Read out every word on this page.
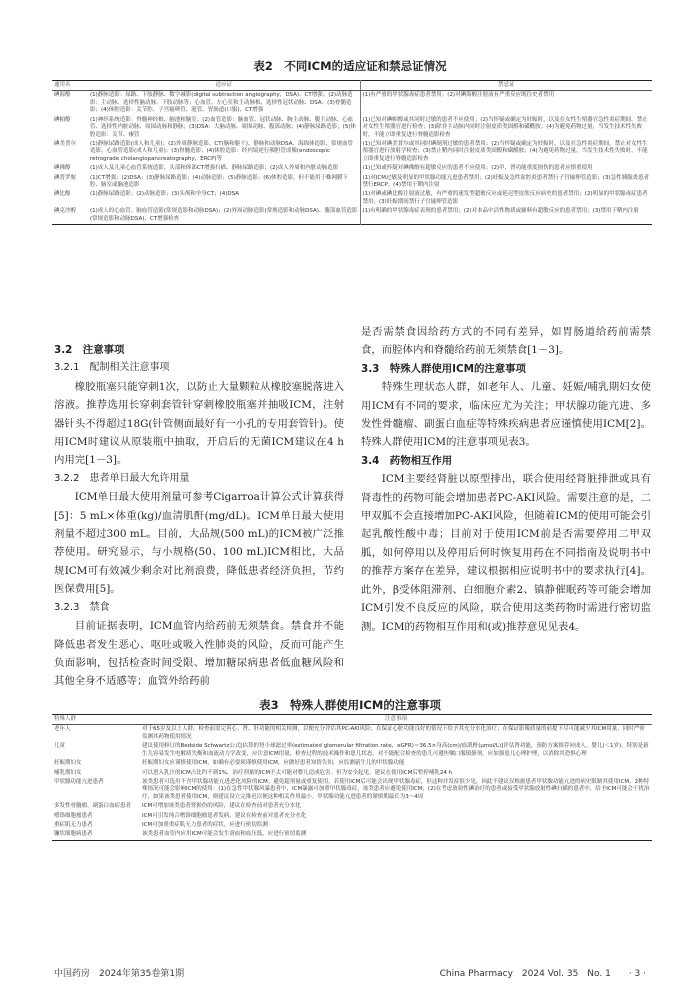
表2　不同ICM的适应证和禁忌证情况
通用名	适应证	禁忌证
碘海醇	(1)静脉造影：尿路、下肢静脉、数字减影(digital subtraction angiography，DSA)、CT增强；(2)动脉造影：主动脉、选择性脑动脉、下肢动脉等；心血管、左心室和主动脉根、选择性冠状动脉、DSA；(3)脊髓造影；(4)体腔造影：关节腔、子宫输卵管、涎管、胃肠道(口服)、CT增强	(1)有严重的甲状腺毒症患者禁用；(2)对碘海醇注射液有严重反应既往史者禁用
碘帕醇	(1)神经系统造影：脊髓神经根、脑池和脑室；(2)血管造影：脑血管、冠状动脉、胸主动脉、腹主动脉、心血管、选择性内脏动脉、周围动脉和静脉；(3)DSA：大脑动脉、周围动脉、腹部动脉；(4)静脉尿路造影；(5)体腔造影：关节、瘘管	(1)已知对碘帕醇或其同时过敏的患者不应使用；(2)当怀疑或确定为妊娠时，以及在女性生殖器官急性炎症期间，禁止对女性生殖器官进行检查；(3)除非主动脉内同时注射皮质类固醇和磺酰胺；(4)为避免药物过量，当发生技术性失败时，不能立即重复进行脊髓造影检查
碘美普尔	(1)静脉尿路造影(成人和儿童)；(2)外周静脉造影、CT(脑和躯干)、静脉和动脉DSA、海绵体造影、常规血管造影、心血管造影(成人和儿童)；(3)脊髓造影；(4)体腔造影：经内镜逆行胰胆管成像(endoscopic retrograde cholangiopancreatography，ERCP)等	(1)已知对碘美普尔或其同时碘制剂过敏的患者禁用；(2)当怀疑或确定为妊娠时，以及在急性炎症期间，禁止对女性生殖器官进行放射学检查；(3)禁止鞘内同时注射皮质类固醇和磺酰胺；(4)为避免药物过量，当发生技术性失败时，不能立即重复进行脊髓造影检查
碘佛醇	(1)成人及儿童心血管系统造影、头部和体部CT增强扫描、静脉尿路造影；(2)成人外周和内脏动脉造影	(1)已知或怀疑对碘佛醇有超敏反应的患者不应使用；(2)甲、肾功能重度损伤的患者应慎重使用
碘普罗胺	(1)CT增强；(2)DSA；(3)静脉尿路造影；(4)动脉造影；(5)静脉造影；(6)体腔造影，但不能用于蛛网膜下腔、脑室或脑池造影	(1)对ICM过敏及明显的甲状腺功能亢进患者禁用；(2)妊娠及急性盆腔炎患者禁行子宫输卵管造影；(3)急性胰腺炎患者禁行ERCP；(4)禁用于鞘内注射
碘比醇	(1)静脉尿路造影；(2)动脉造影；(3)头颅和全身CT；(4)DSA	(1)对碘或碘比醇注射液过敏，有严重的速发型超敏反应或延迟型皮肤反应病史的患者禁用；(2)明显的甲状腺毒症患者禁用；(3)妊娠期间禁行子宫输卵管造影
碘克沙醇	(1)成人的心血管、脑血管造影(常规造影和动脉DSA)；(2)外周动脉造影(常规造影和动脉DSA)、腹部血管造影(常规造影和动脉DSA)、CT增强检查	(1)有明确的甲状腺毒症表现的患者禁用；(2)对本品中活性物质或辅料有超敏反应的患者禁用；(3)禁用于鞘内注射
3.2　注意事项
3.2.1　配制相关注意事项

橡胶瓶塞只能穿刺1次，以防止大量颗粒从橡胶塞脱落进入溶液。推荐选用长穿刺套管针穿刺橡胶瓶塞并抽吸ICM，注射器针头不得超过18G(针管侧面最好有一小孔的专用套管针)。使用ICM时建议从原装瓶中抽取，开启后的无菌ICM建议在4 h内用完[1－3]。

3.2.2　患者单日最大允许用量

ICM单日最大使用剂量可参考Cigarroa计算公式计算获得[5]：5 mL×体重(kg)/血清肌酐(mg/dL)。ICM单日最大使用剂量不超过300 mL。目前，大品规(500 mL)的ICM被广泛推荐使用。研究显示，与小规格(50、100 mL)ICM相比，大品规ICM可有效减少剩余对比剂浪费，降低患者经济负担，节约医保费用[5]。

3.2.3　禁食

目前证据表明，ICM血管内给药前无须禁食。禁食并不能降低患者发生恶心、呕吐或吸入性肺炎的风险，反而可能产生负面影响，包括检查时间受限、增加糖尿病患者低血糖风险和其他全身不适感等；血管外给药前

是否需禁食因给药方式的不同有差异，如胃肠道给药前需禁食，而腔体内和脊髓给药前无须禁食[1－3]。

3.3　特殊人群使用ICM的注意事项

特殊生理状态人群，如老年人、儿童、妊娠/哺乳期妇女使用ICM有不同的要求，临床应尤为关注；甲状腺功能亢进、多发性骨髓瘤、副蛋白血症等特殊疾病患者应谨慎使用ICM[2]。特殊人群使用ICM的注意事项见表3。

3.4　药物相互作用

ICM主要经肾脏以原型排出，联合使用经肾脏排泄或具有肾毒性的药物可能会增加患者PC-AKI风险。需要注意的是，二甲双胍不会直接增加PC-AKI风险，但随着ICM的使用可能会引起乳酸性酸中毒；目前对于使用ICM前是否需要停用二甲双胍，如何停用以及停用后何时恢复用药在不同指南及说明书中的推荐方案存在差异，建议根据相应说明书中的要求执行[4]。此外，β受体阻滞剂、白细胞介素2、镇静催眠药等可能会增加ICM引发不良反应的风险，联合使用这类药物时需进行密切监测。ICM的药物相互作用和(或)推荐意见见表4。

表3　特殊人群使用ICM的注意事项
特殊人群	注意事项
老年人	对于65岁及以上人群，检查前需完善心、肾、肝功能的相关检测，以便充分评估其PC-AKI风险；在保证心脏功能良好的情况下给予其充分水化治疗；在保证影像质量的前提下尽可能减少其ICM用量，同时严密监测其药物使用情况
儿童	建议使用修订的Bedside Schwartz公式[估算的肾小球滤过率(estimated glomerular filtration rate，eGFR)＝36.5×身高(cm)/血肌酐(μmol/L)]评估肾功能，预防方案推荐同成人。婴儿(＜1岁)，特别是新生儿容易发生电解质失衡和血流动力学改变，应注意ICM用量，检查过程的技术操作和患儿状态，对不能配合检查的患儿可遵医嘱口服镇静剂。应加强患儿心理护理，以消除其恐惧心理
妊娠期妇女	妊娠期妇女应谨慎使用ICM，如确有必要须谨慎使用ICM，应做好患者知情告知，应监测新生儿的甲状腺功能
哺乳期妇女	可以进入乳汁的ICM占比约不到1%，治疗剂量的ICM不太可能对婴儿造成危害。但为安全起见，建议在使用ICM后暂停哺乳24 h
甲状腺功能亢进患者	该类患者可选用不含甲状腺功能亢进恶化风险的ICM；避免超剂量或重复使用。若使用ICM后可能会出现甲状腺毒症，但这种并发症很少见，因此不建议仅根据患者甲状腺功能亢进的病史限制其使用ICM。2种特殊情况可能会影响ICM的使用：(1)在急性甲状腺风暴患者中，ICM暴露可加重甲状腺毒症，该类患者应避免使用ICM；(2)在考虑放射性碘治疗的患者或接受甲状腺放射性碘扫描的患者中，给予ICM可能会干扰治疗，如果该类患者使用ICM，则建议设立完推迟以便这种相关作用最小。甲状腺功能亢进患者的谨慎期最长为3～4周
多发性骨髓瘤、副蛋白血症患者	ICM可增加该类患者肾损伤的风险，建议在检查前对患者充分水化
嗜铬细胞瘤患者	ICM可引发纯合嗜铬细胞瘤患者发病，建议在检查前对患者充分水化
重症肌无力患者	ICM可加重重症肌无力患者的症状，应进行密切监测
镰状细胞病患者	该类患者血管内应用ICM可能会发生溶血和血压低，应进行密切监测
中国药房　2024年第35卷第1期	China Pharmacy　2024 Vol. 35　No. 1　　· 3 ·
